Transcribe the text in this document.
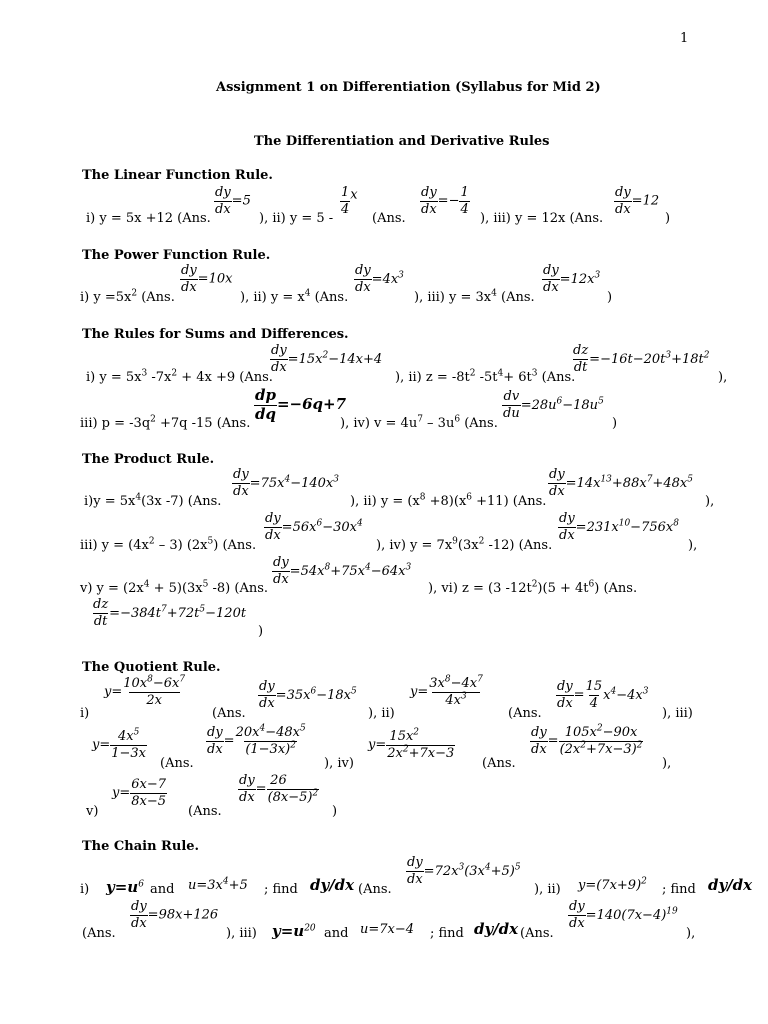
1
Assignment 1 on Differentiation (Syllabus for Mid 2)
The Differentiation and Derivative Rules
The Linear Function Rule.
i) y = 5x +12 (Ans.
$\frac{dy}{dx} =5$
), ii) y = 5 -
$\frac{1}{4}$ x
(Ans.
$\frac{dy}{dx} =- \frac{1}{4}$
), iii) y = 12x (Ans.
$\frac{dy}{dx} =12$
)
The Power Function Rule.
i) $y =5x^2$ (Ans.
$\frac{dy}{dx} =10x$
), ii) $y = x^4$ (Ans.
$\frac{dy}{dx} =4x^3$
), iii) $y = 3x^4$ (Ans.
$\frac{dy}{dx} =12x^3$
)
The Rules for Sums and Differences.
i) $y = 5x^3$ $-7x^2 + 4x +9$ (Ans.
$\frac{dy}{dx} =15x^2-14x+4$
), ii) $z = -8t^2$ $-5t^4+ 6t^3$ (Ans.
$\frac{dz}{dt} =-16t-20t^3+18t^2$
),
iii) $p = -3q^2 +7q$ -15 (Ans.
$\frac{dp}{dq} =-6q+7$
), iv) $v = 4u^7 - 3u^6$ (Ans.
$\frac{dv}{du} =28u^6-18u^5$
)
The Product Rule.
$i)y = 5x^4(3x$ -7) (Ans.
$\frac{dy}{dx} =75x^4-140x^3$
), ii) $y = (x^8 +8)(x^6 +11)$ (Ans.
$\frac{dy}{dx} =14x^{13}+88x^7+48x^5$
),
iii) $y = (4x^2 - 3)$ $(2x^5)$ (Ans.
$\frac{dy}{dx} =56x^6-30x^4$
), iv) $y = 7x^9(3x^2$ -12) (Ans.
$\frac{dy}{dx} =231x^{10}-756x^8$
),
v) $y = (2x^4 + 5)(3x^5$ -8) (Ans.
$\frac{dy}{dx} =54x^8+75x^4-64x^3$
), vi) z = (3 $-12t^2)(5 + 4t^6)$ (Ans.
$\frac{dz}{dt} =-384t^7+72t^5-120t$
)
The Quotient Rule.
i)
$y= \frac{10x^8-6x^7}{2x}$
(Ans.
$\frac{dy}{dx} =35x^6-18x^5$
), ii)
$y= \frac{3x^8-4x^7}{4x^3}$
(Ans.
$\frac{dy}{dx} = \frac{15}{4} x^4-4x^3$
), iii)
$y= \frac{4x^5}{1-3x}$
(Ans.
$\frac{dy}{dx} = \frac{20x^4-48x^5}{(1-3x)^2}$
), iv)
$y= \frac{15x^2}{2x^2+7x-3}$
(Ans.
$\frac{dy}{dx} = \frac{105x^2-90x}{(2x^2+7x-3)^2}$
),
v)
$y= \frac{6x-7}{8x-5}$
(Ans.
$\frac{dy}{dx} = \frac{26}{(8x-5)^2}$
)
The Chain Rule.
i) $y=u^6$ and $u=3x^4+5$ ; find dy/dx (Ans.
$\frac{dy}{dx} =72x^3(3x^4+5)^5$
), ii) $y=(7x+9)^2$
; find dy/dx
(Ans.
$\frac{dy}{dx} =98x+126$
), iii) $y=u^{20}$ and u=7x−4 ; find dy/dx (Ans.
$\frac{dy}{dx} =140(7x-4)^{19}$
),
